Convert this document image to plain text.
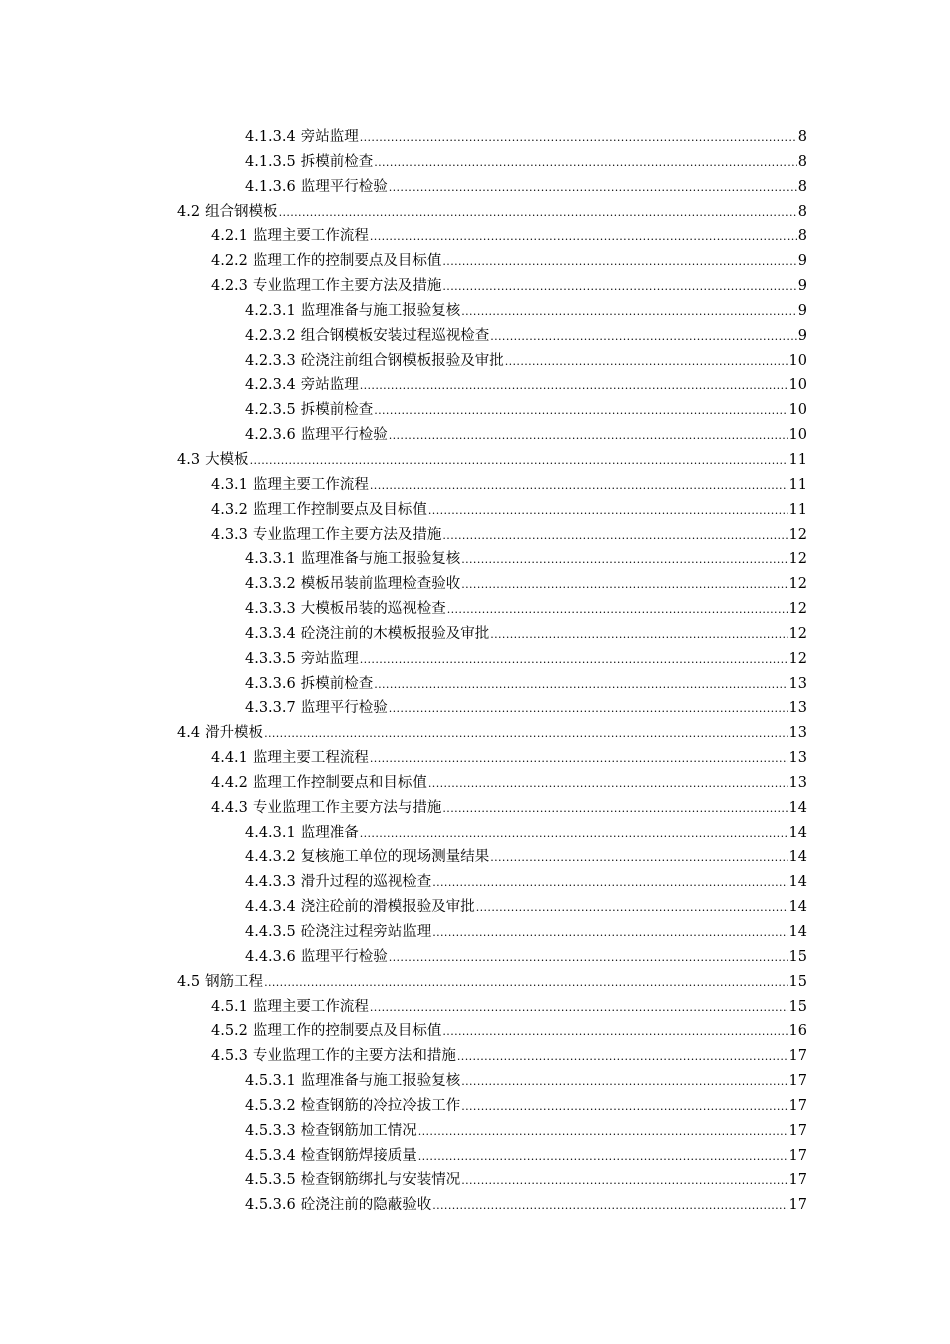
4.1.3.4 旁站监理 .....	8
4.1.3.5 拆模前检查 .....	8
4.1.3.6 监理平行检验 .....	8
4.2 组合钢模板 .....	8
4.2.1 监理主要工作流程 .....	8
4.2.2 监理工作的控制要点及目标值 .....	9
4.2.3 专业监理工作主要方法及措施 .....	9
4.2.3.1 监理准备与施工报验复核 .....	9
4.2.3.2 组合钢模板安装过程巡视检查 .....	9
4.2.3.3 砼浇注前组合钢模板报验及审批 .....	10
4.2.3.4 旁站监理 .....	10
4.2.3.5 拆模前检查 .....	10
4.2.3.6 监理平行检验 .....	10
4.3 大模板 .....	11
4.3.1 监理主要工作流程 .....	11
4.3.2 监理工作控制要点及目标值 .....	11
4.3.3 专业监理工作主要方法及措施 .....	12
4.3.3.1 监理准备与施工报验复核 .....	12
4.3.3.2 模板吊装前监理检查验收 .....	12
4.3.3.3 大模板吊装的巡视检查 .....	12
4.3.3.4 砼浇注前的木模板报验及审批 .....	12
4.3.3.5 旁站监理 .....	12
4.3.3.6 拆模前检查 .....	13
4.3.3.7 监理平行检验 .....	13
4.4 滑升模板 .....	13
4.4.1 监理主要工程流程 .....	13
4.4.2 监理工作控制要点和目标值 .....	13
4.4.3 专业监理工作主要方法与措施 .....	14
4.4.3.1 监理准备 .....	14
4.4.3.2 复核施工单位的现场测量结果 .....	14
4.4.3.3 滑升过程的巡视检查 .....	14
4.4.3.4 浇注砼前的滑模报验及审批 .....	14
4.4.3.5 砼浇注过程旁站监理 .....	14
4.4.3.6 监理平行检验 .....	15
4.5 钢筋工程 .....	15
4.5.1 监理主要工作流程 .....	15
4.5.2 监理工作的控制要点及目标值 .....	16
4.5.3 专业监理工作的主要方法和措施 .....	17
4.5.3.1 监理准备与施工报验复核 .....	17
4.5.3.2 检查钢筋的冷拉冷拔工作 .....	17
4.5.3.3 检查钢筋加工情况 .....	17
4.5.3.4 检查钢筋焊接质量 .....	17
4.5.3.5 检查钢筋绑扎与安装情况 .....	17
4.5.3.6 砼浇注前的隐蔽验收 .....	17
